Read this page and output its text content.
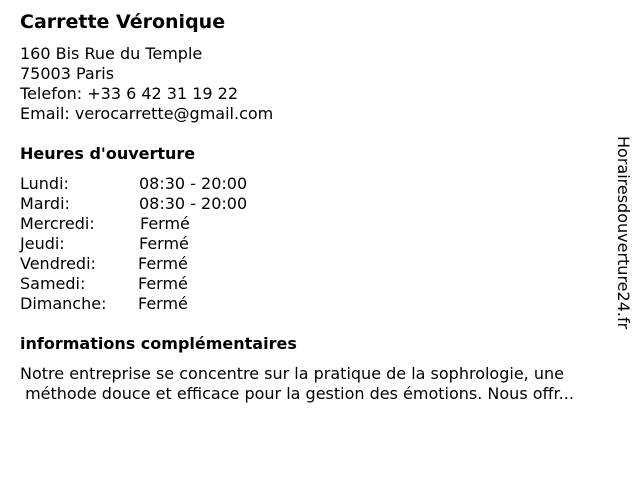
Carrette Véronique
160 Bis Rue du Temple
75003 Paris
Telefon: +33 6 42 31 19 22
Email: verocarrette@gmail.com
Heures d'ouverture
Lundi:	08:30 - 20:00
Mardi:	08:30 - 20:00
Mercredi:	Fermé
Jeudi:	Fermé
Vendredi:	Fermé
Samedi:	Fermé
Dimanche: Fermé
informations complémentaires
Notre entreprise se concentre sur la pratique de la sophrologie, une
méthode douce et efficace pour la gestion des émotions. Nous offr...
Horairesdouverture24.fr
